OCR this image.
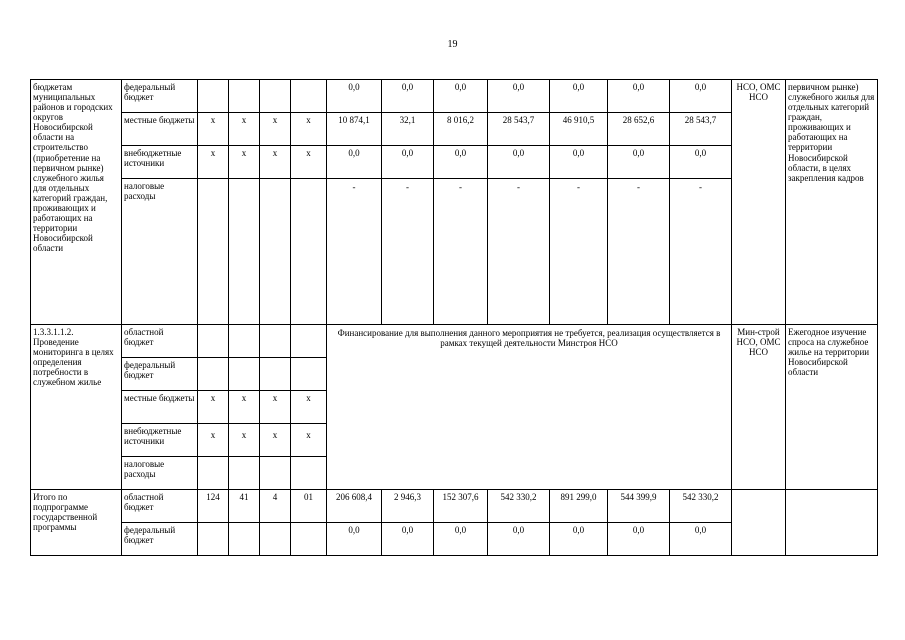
19
бюджетам муниципальных районов и городских округов Новосибирской области на строительство (приобретение на первичном рынке) служебного жилья для отдельных категорий граждан, проживающих и работающих на территории Новосибирской области	федеральный бюджет					0,0	0,0	0,0	0,0	0,0	0,0	0,0	НСО, ОМС НСО	первичном рынке) служебного жилья для отдельных категорий граждан, проживающих и работающих на территории Новосибирской области, в целях закрепления кадров
	местные бюджеты	x	x	x	x	10 874,1	32,1	8 016,2	28 543,7	46 910,5	28 652,6	28 543,7		
	внебюджетные источники	x	x	x	x	0,0	0,0	0,0	0,0	0,0	0,0	0,0		
	налоговые расходы					-	-	-	-	-	-	-		
1.3.3.1.1.2. Проведение мониторинга в целях определения потребности в служебном жилье	областной бюджет					Финансирование для выполнения данного мероприятия не требуется, реализация осуществляется в рамках текущей деятельности Минстроя НСО							Мин-строй НСО, ОМС НСО	Ежегодное изучение спроса на служебное жилье на территории Новосибирской области
	федеральный бюджет													
	местные бюджеты	x	x	x	x									
	внебюджетные источники	x	x	x	x									
	налоговые расходы													
Итого по подпрограмме государственной программы	областной бюджет	124	41	4	01	206 608,4	2 946,3	152 307,6	542 330,2	891 299,0	544 399,9	542 330,2		
	федеральный бюджет					0,0	0,0	0,0	0,0	0,0	0,0	0,0		
